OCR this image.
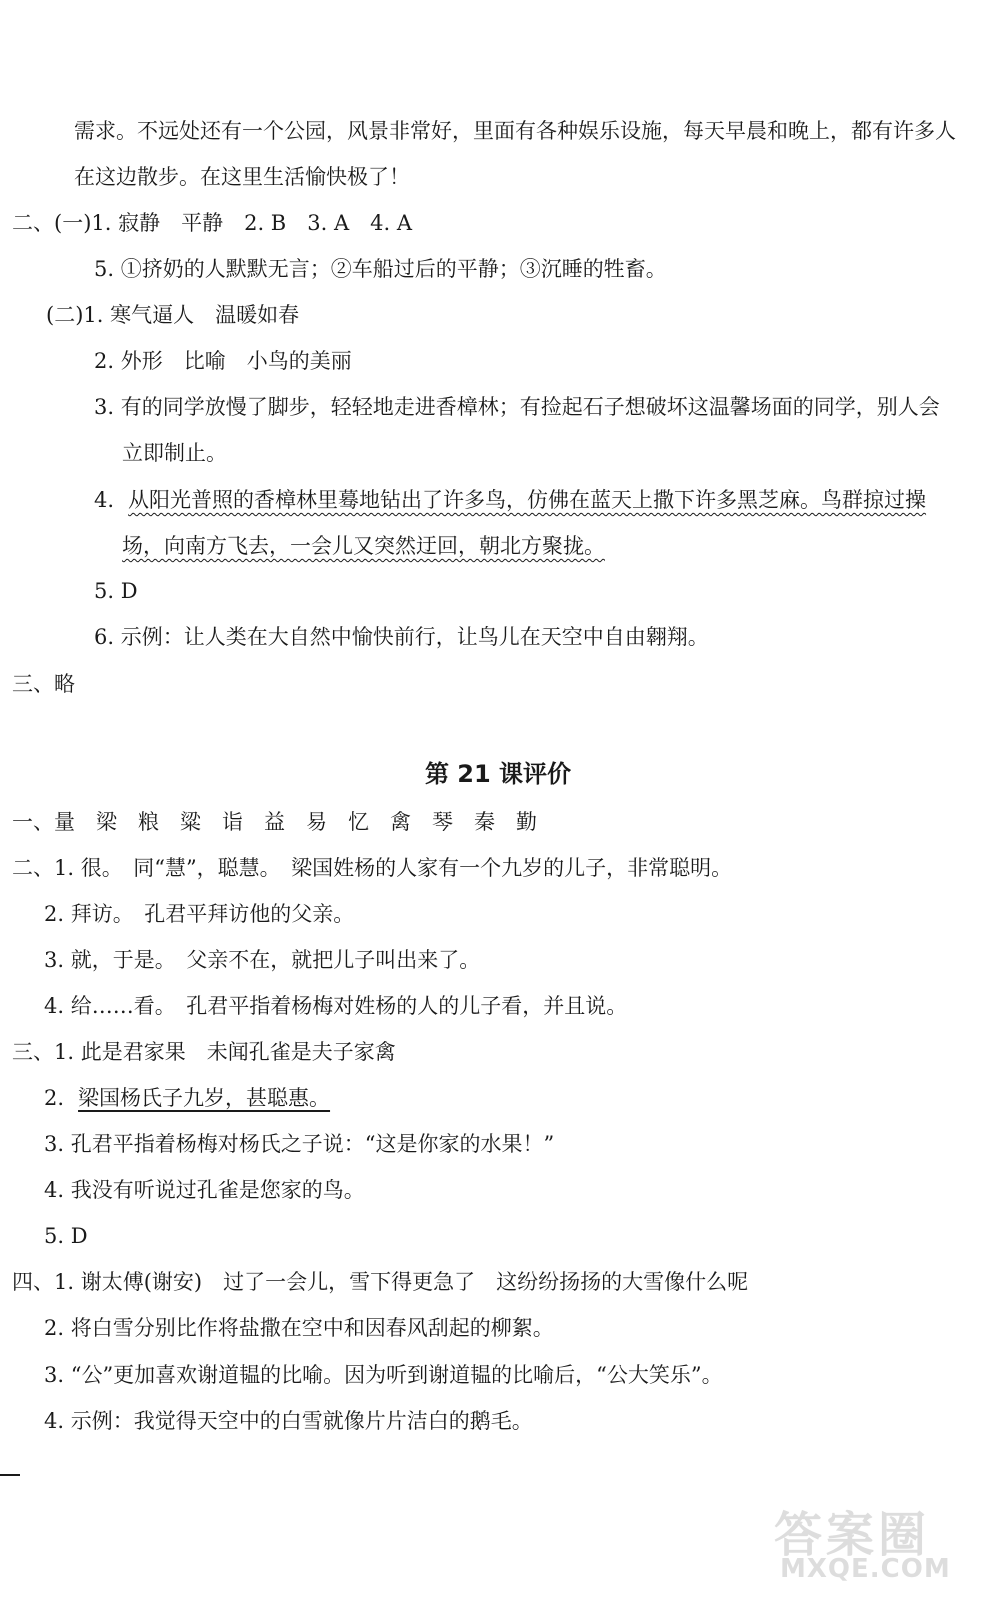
需求。不远处还有一个公园，风景非常好，里面有各种娱乐设施，每天早晨和晚上，都有许多人
在这边散步。在这里生活愉快极了！
二、(一)1. 寂静　平静　2. B　3. A　4. A
5. ①挤奶的人默默无言；②车船过后的平静；③沉睡的牲畜。
(二)1. 寒气逼人　温暖如春
2. 外形　比喻　小鸟的美丽
3. 有的同学放慢了脚步，轻轻地走进香樟林；有捡起石子想破坏这温馨场面的同学，别人会
立即制止。
4. 从阳光普照的香樟林里蓦地钻出了许多鸟，仿佛在蓝天上撒下许多黑芝麻。鸟群掠过操
场，向南方飞去，一会儿又突然迂回，朝北方聚拢。
5. D
6. 示例：让人类在大自然中愉快前行，让鸟儿在天空中自由翱翔。
三、略
第 21 课评价
一、量　梁　粮　粱　诣　益　易　忆　禽　琴　秦　勤
二、1. 很。　同“慧”，聪慧。　梁国姓杨的人家有一个九岁的儿子，非常聪明。
2. 拜访。　孔君平拜访他的父亲。
3. 就，于是。　父亲不在，就把儿子叫出来了。
4. 给……看。　孔君平指着杨梅对姓杨的人的儿子看，并且说。
三、1. 此是君家果　未闻孔雀是夫子家禽
2. 梁国杨氏子九岁，甚聪惠。
3. 孔君平指着杨梅对杨氏之子说：“这是你家的水果！”
4. 我没有听说过孔雀是您家的鸟。
5. D
四、1. 谢太傅(谢安)　过了一会儿，雪下得更急了　这纷纷扬扬的大雪像什么呢
2. 将白雪分别比作将盐撒在空中和因春风刮起的柳絮。
3. “公”更加喜欢谢道韫的比喻。因为听到谢道韫的比喻后，“公大笑乐”。
4. 示例：我觉得天空中的白雪就像片片洁白的鹅毛。
答案圈
MXQE.COM
